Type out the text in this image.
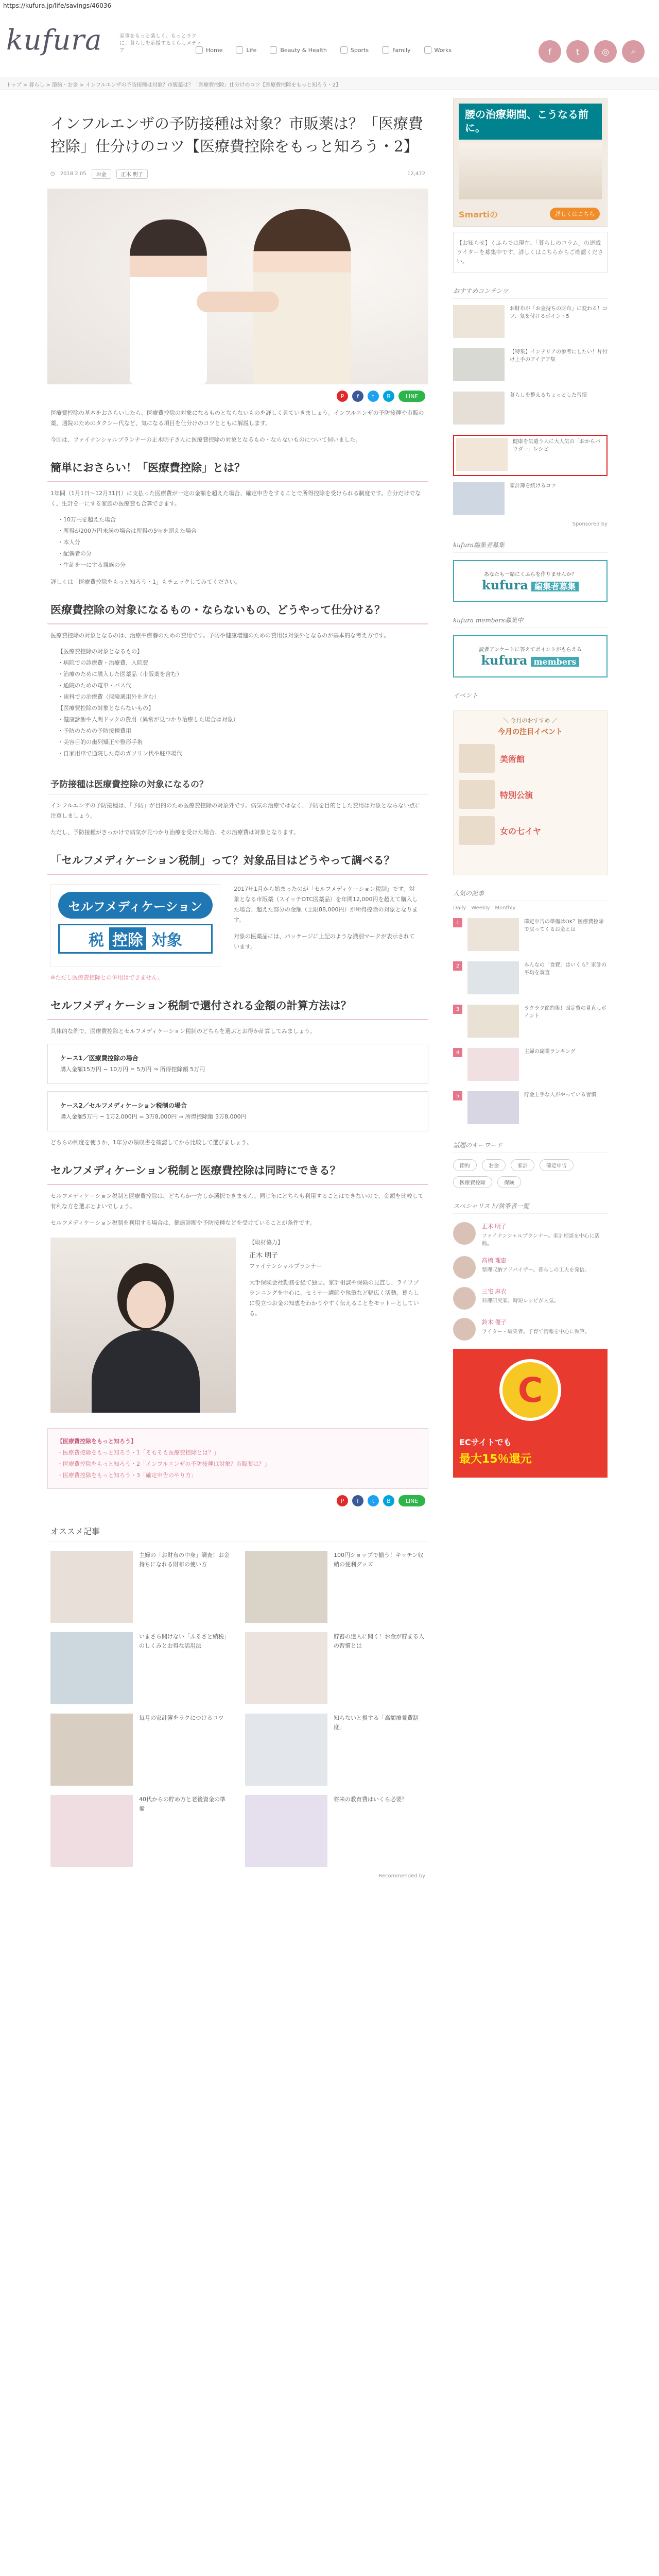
https://kufura.jp/life/savings/46036
kufura	家事をもっと楽しく、もっとラクに。暮らしを応援するくらしメディア	Home	Life	Beauty & Health	Sports	Family	Works	f	t	◎	⌕
トップ > 暮らし > 節約・お金 > インフルエンザの予防接種は対象？市販薬は？「医療費控除」仕分けのコツ【医療費控除をもっと知ろう・2】
インフルエンザの予防接種は対象？市販薬は？「医療費控除」仕分けのコツ【医療費控除をもっと知ろう・2】
◷ 2018.2.05	お金	正木 明子	12,472
P	f	t	B	LINE

医療費控除の基本をおさらいしたら、医療費控除の対象になるものとならないものを詳しく見ていきましょう。インフルエンザの予防接種や市販の薬、通院のためのタクシー代など、気になる項目を仕分けのコツとともに解説します。

今回は、ファイナンシャルプランナーの正木明子さんに医療費控除の対象となるもの・ならないものについて伺いました。

簡単におさらい！「医療費控除」とは？

1年間（1月1日〜12月31日）に支払った医療費が一定の金額を超えた場合、確定申告をすることで所得控除を受けられる制度です。自分だけでなく、生計を一にする家族の医療費も合算できます。

・10万円を超えた場合
・所得が200万円未満の場合は所得の5％を超えた場合
・本人分
・配偶者の分
・生計を一にする親族の分

詳しくは「医療費控除をもっと知ろう・1」もチェックしてみてください。

医療費控除の対象になるもの・ならないもの、どうやって仕分ける？

医療費控除の対象となるのは、治療や療養のための費用です。予防や健康増進のための費用は対象外となるのが基本的な考え方です。

【医療費控除の対象となるもの】
・病院での診療費・治療費、入院費
・治療のために購入した医薬品（市販薬を含む）
・通院のための電車・バス代
・歯科での治療費（保険適用外を含む）
【医療費控除の対象とならないもの】
・健康診断や人間ドックの費用（異常が見つかり治療した場合は対象）
・予防のための予防接種費用
・美容目的の歯列矯正や整形手術
・自家用車で通院した際のガソリン代や駐車場代
予防接種は医療費控除の対象になるの？

インフルエンザの予防接種は、「予防」が目的のため医療費控除の対象外です。病気の治療ではなく、予防を目的とした費用は対象とならない点に注意しましょう。

ただし、予防接種がきっかけで病気が見つかり治療を受けた場合、その治療費は対象となります。

「セルフメディケーション税制」って？対象品目はどうやって調べる？
セルフメディケーション
税 控除 対象

2017年1月から始まったのが「セルフメディケーション税制」です。対象となる市販薬（スイッチOTC医薬品）を年間12,000円を超えて購入した場合、超えた部分の金額（上限88,000円）が所得控除の対象となります。

対象の医薬品には、パッケージに上記のような識別マークが表示されています。

※ただし医療費控除との併用はできません。

セルフメディケーション税制で還付される金額の計算方法は？

具体的な例で、医療費控除とセルフメディケーション税制のどちらを選ぶとお得か計算してみましょう。

ケース1／医療費控除の場合
購入金額15万円 − 10万円 = 5万円 ⇒ 所得控除額 5万円
ケース2／セルフメディケーション税制の場合
購入金額5万円 − 1万2,000円 = 3万8,000円 ⇒ 所得控除額 3万8,000円

どちらの制度を使うか、1年分の領収書を確認してから比較して選びましょう。

セルフメディケーション税制と医療費控除は同時にできる？

セルフメディケーション税制と医療費控除は、どちらか一方しか選択できません。同じ年にどちらも利用することはできないので、金額を比較して有利な方を選ぶとよいでしょう。

セルフメディケーション税制を利用する場合は、健康診断や予防接種などを受けていることが条件です。

【取材協力】
正木 明子
ファイナンシャルプランナー
大手保険会社勤務を経て独立。家計相談や保険の見直し、ライフプランニングを中心に、セミナー講師や執筆など幅広く活動。暮らしに役立つお金の知恵をわかりやすく伝えることをモットーとしている。
【医療費控除をもっと知ろう】
・医療費控除をもっと知ろう・1「そもそも医療費控除とは？」
・医療費控除をもっと知ろう・2「インフルエンザの予防接種は対象？市販薬は？」
・医療費控除をもっと知ろう・3「確定申告のやり方」
P	f	t	B	LINE
オススメ記事
主婦の「お財布の中身」調査！お金持ちになれる財布の使い方
100円ショップで揃う！キッチン収納の便利グッズ
いまさら聞けない「ふるさと納税」のしくみとお得な活用法
貯蓄の達人に聞く！お金が貯まる人の習慣とは
毎月の家計簿をラクにつけるコツ	知らないと損する「高額療養費制度」
40代からの貯め方と老後資金の準備
将来の教育費はいくら必要？
Recommended by
腰の治療期間、こうなる前に。
Smartiの	詳しくはこちら
【お知らせ】くふらでは現在、「暮らしのコラム」の連載ライターを募集中です。詳しくはこちらからご確認ください。
おすすめコンテンツ
お財布が「お金持ちの財布」に変わる！コツ、気を付けるポイント5
【特集】インテリアの参考にしたい！片付け上手のアイデア集
暮らしを整えるちょっとした習慣
健康を気遣う人に大人気の「おからパウダー」レシピ
家計簿を続けるコツ
Sponsored by
kufura編集者募集
あなたも一緒にくふらを作りませんか？
kufura 編集者募集
kufura members募集中
読者アンケートに答えてポイントがもらえる
kufura members
イベント
＼ 今月のおすすめ ／
今月の注目イベント
美術館
特別公演
女の七イヤ
人気の記事
Daily Weekly Monthly
1	確定申告の準備はOK？医療費控除で戻ってくるお金とは
2	みんなの「食費」はいくら？家計の平均を調査
3	ラクラク節約術！固定費の見直しポイント
4	主婦の副業ランキング
5	貯金上手な人がやっている習慣
話題のキーワード
節約	お金	家計	確定申告
医療費控除	保険
スペシャリスト/執筆者一覧
正木 明子
ファイナンシャルプランナー。家計相談を中心に活動。
高橋 理恵
整理収納アドバイザー。暮らしの工夫を発信。
三宅 麻衣
料理研究家。時短レシピが人気。
鈴木 優子
ライター・編集者。子育て情報を中心に執筆。
C
ECサイトでも
最大15％還元
